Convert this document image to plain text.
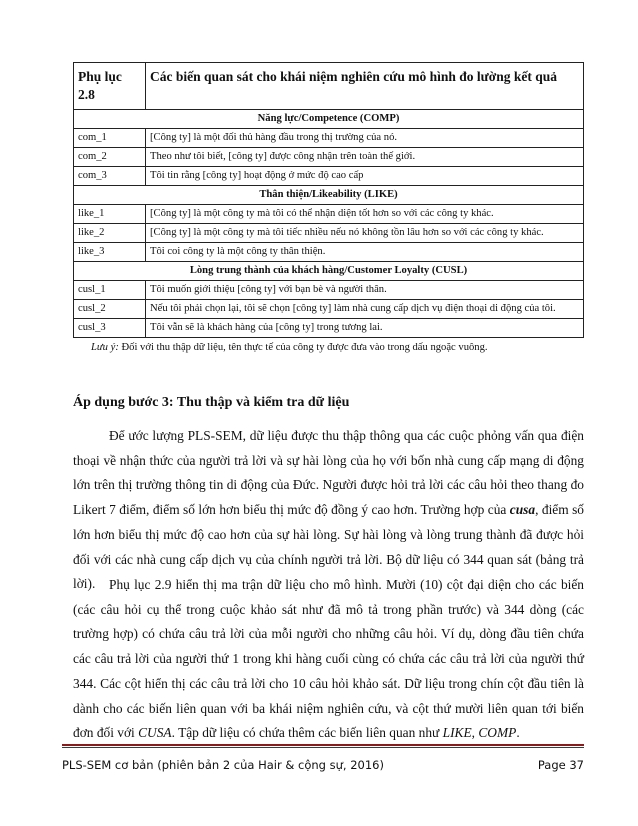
Phụ lục 2.8	Các biến quan sát cho khái niệm nghiên cứu mô hình đo lường kết quả
Năng lực/Competence (COMP)	
com_1	[Công ty] là một đối thủ hàng đầu trong thị trường của nó.
com_2	Theo như tôi biết, [công ty] được công nhận trên toàn thế giới.
com_3	Tôi tin rằng [công ty] hoạt động ở mức độ cao cấp
Thân thiện/Likeability (LIKE)	
like_1	[Công ty] là một công ty mà tôi có thể nhận diện tốt hơn so với các công ty khác.
like_2	[Công ty] là một công ty mà tôi tiếc nhiều nếu nó không tồn lâu hơn so với các công ty khác.
like_3	Tôi coi công ty là một công ty thân thiện.
Lòng trung thành của khách hàng/Customer Loyalty (CUSL)	
cusl_1	Tôi muốn giới thiệu [công ty] với bạn bè và người thân.
cusl_2	Nếu tôi phải chọn lại, tôi sẽ chọn [công ty] làm nhà cung cấp dịch vụ điện thoại di động của tôi.
cusl_3	Tôi vẫn sẽ là khách hàng của [công ty] trong tương lai.
Lưu ý: Đối với thu thập dữ liệu, tên thực tế của công ty được đưa vào trong dấu ngoặc vuông.
Áp dụng bước 3: Thu thập và kiểm tra dữ liệu

Để ước lượng PLS-SEM, dữ liệu được thu thập thông qua các cuộc phỏng vấn qua điện thoại về nhận thức của người trả lời và sự hài lòng của họ với bốn nhà cung cấp mạng di động lớn trên thị trường thông tin di động của Đức. Người được hỏi trả lời các câu hỏi theo thang đo Likert 7 điểm, điểm số lớn hơn biểu thị mức độ đồng ý cao hơn. Trường hợp của cusa, điểm số lớn hơn biểu thị mức độ cao hơn của sự hài lòng. Sự hài lòng và lòng trung thành đã được hỏi đối với các nhà cung cấp dịch vụ của chính người trả lời. Bộ dữ liệu có 344 quan sát (bảng trả lời).	Phụ lục 2.9 hiển thị ma trận dữ liệu cho mô hình. Mười (10) cột đại diện cho các biến (các câu hỏi cụ thể trong cuộc khảo sát như đã mô tả trong phần trước) và 344 dòng (các trường hợp) có chứa câu trả lời của mỗi người cho những câu hỏi. Ví dụ, dòng đầu tiên chứa các câu trả lời của người thứ 1 trong khi hàng cuối cùng có chứa các câu trả lời của người thứ 344. Các cột hiển thị các câu trả lời cho 10 câu hỏi khảo sát. Dữ liệu trong chín cột đầu tiên là dành cho các biến liên quan với ba khái niệm nghiên cứu, và cột thứ mười liên quan tới biến đơn đối với CUSA. Tập dữ liệu có chứa thêm các biến liên quan như LIKE, COMP.

PLS-SEM cơ bản (phiên bản 2 của Hair & cộng sự, 2016)	Page 37
